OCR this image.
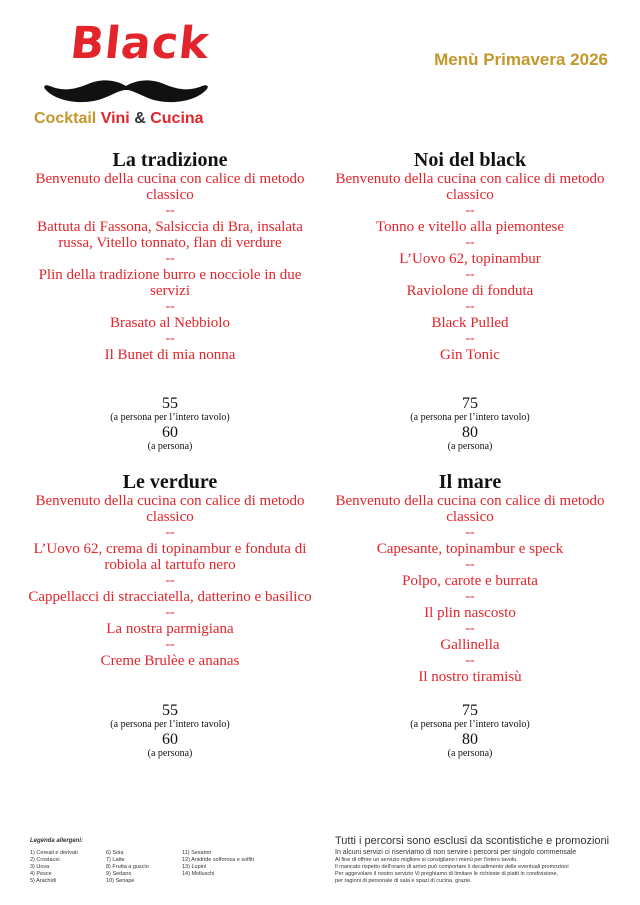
Black
Cocktail Vini & Cucina
Menù Primavera 2026
La tradizione
Benvenuto della cucina con calice di metodo classico
--
Battuta di Fassona, Salsiccia di Bra, insalata russa, Vitello tonnato, flan di verdure
--
Plin della tradizione burro e nocciole in due servizi
--
Brasato al Nebbiolo
--
Il Bunet di mia nonna
55
(a persona per l’intero tavolo)
60
(a persona)
Noi del black
Benvenuto della cucina con calice di metodo classico
--
Tonno e vitello alla piemontese
--
L’Uovo 62, topinambur
--
Raviolone di fonduta
--
Black Pulled
--
Gin Tonic
75
(a persona per l’intero tavolo)
80
(a persona)
Le verdure
Benvenuto della cucina con calice di metodo classico
--
L’Uovo 62, crema di topinambur e fonduta di robiola al tartufo nero
--
Cappellacci di stracciatella, datterino e basilico
--
La nostra parmigiana
--
Creme Brulèe e ananas
55
(a persona per l’intero tavolo)
60
(a persona)
Il mare
Benvenuto della cucina con calice di metodo classico
--
Capesante, topinambur e speck
--
Polpo, carote e burrata
--
Il plin nascosto
--
Gallinella
--
Il nostro tiramisù
75
(a persona per l’intero tavolo)
80
(a persona)
Legenda allergeni:
1) Cereali e derivati	6) Soia	11) Sesamo
2) Crostacei	7) Latte	12) Anidride solforosa e solfiti
3) Uova	8) Frutta a guscio	13) Lupini
4) Pesce	9) Sedano	14) Molluschi
5) Arachidi	10) Senape
Tutti i percorsi sono esclusi da scontistiche e promozioni
In alcuni servizi ci riserviamo di non servire i percorsi per singolo commensale
Al fine di offrire un servizio migliore si consigliano i menù per l’intero tavolo.
Il mancato rispetto dell’orario di arrivo può comportare il decadimento delle eventuali promozioni
Per aggevolare il nostro servizio Vi preghiamo di limitare le richieste di piatti in condivisione,
per ragioni di personale di sala e spazi di cucina, grazie.
